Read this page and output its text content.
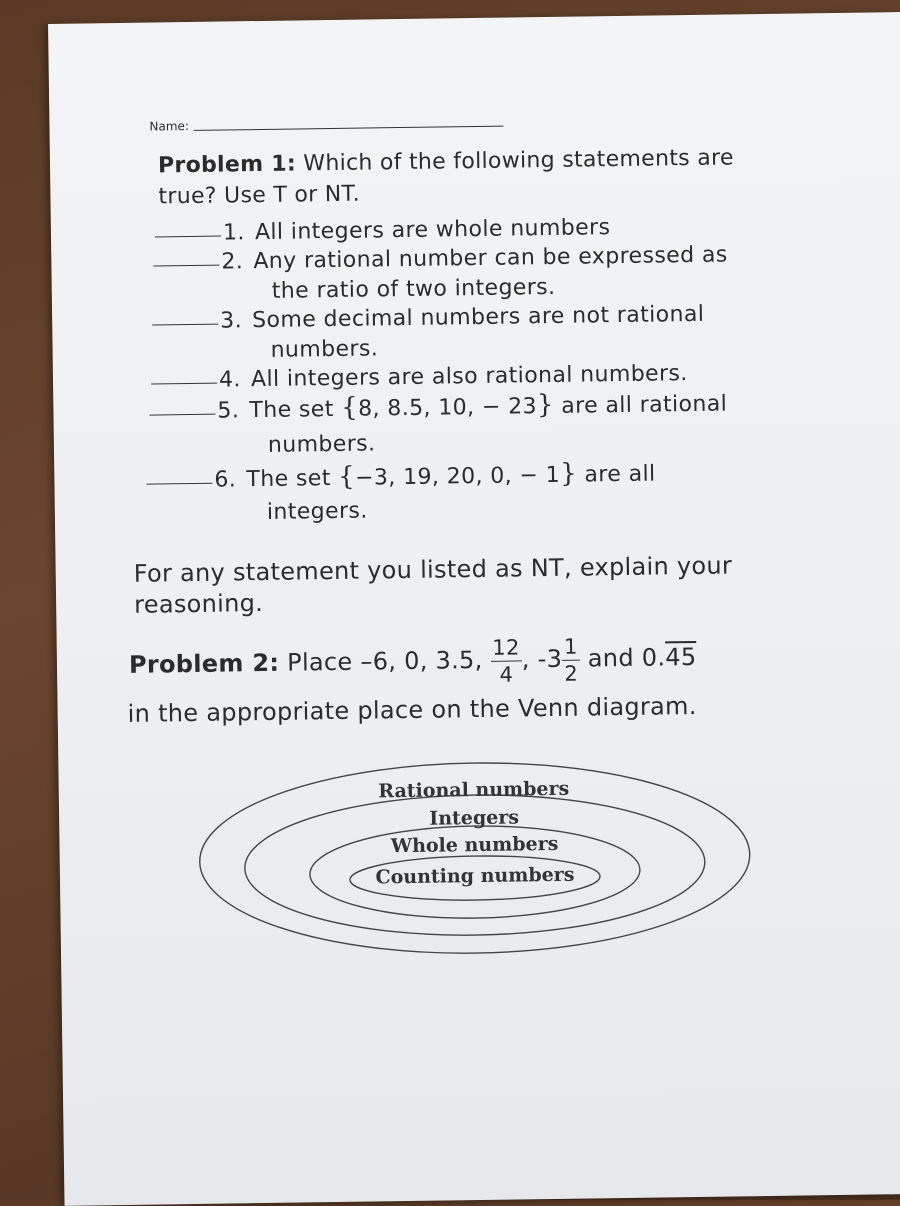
Name:
Problem 1: Which of the following statements are
true? Use T or NT.
1. All integers are whole numbers
2. Any rational number can be expressed as
the ratio of two integers.
3. Some decimal numbers are not rational
numbers.
4. All integers are also rational numbers.
5. The set {8, 8.5, 10, − 23} are all rational
numbers.
6. The set {−3, 19, 20, 0, − 1} are all
integers.
For any statement you listed as NT, explain your
reasoning.
Problem 2: Place –6, 0, 3.5, $\frac{12}{4}$ , $-3 \frac{1}{2}$ and 0.45
in the appropriate place on the Venn diagram.
Rational numbers
Integers
Whole numbers
Counting numbers
